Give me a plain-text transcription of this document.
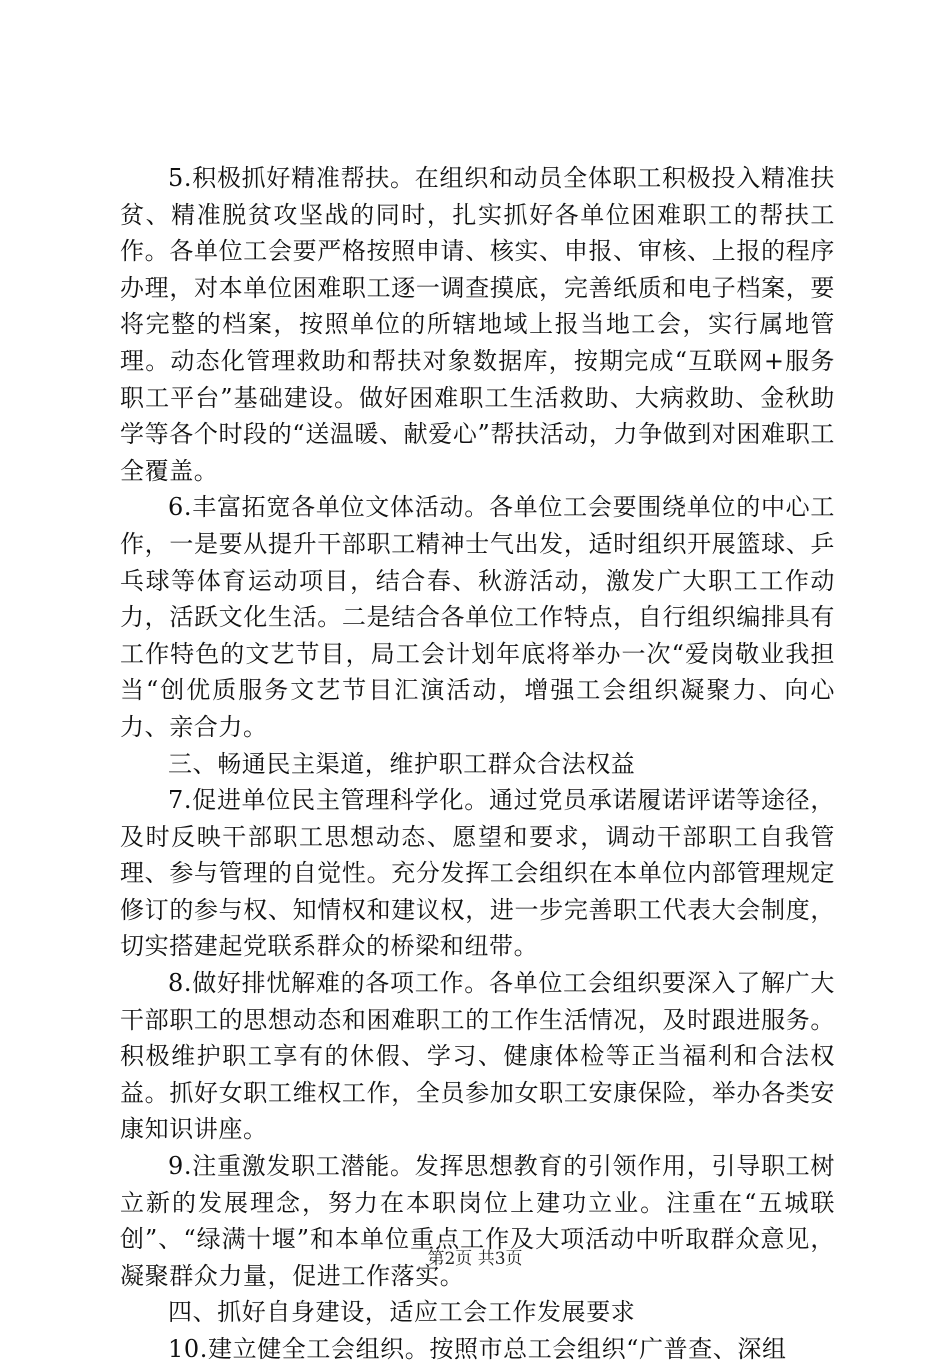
5.积极抓好精准帮扶。在组织和动员全体职工积极投入精准扶贫、精准脱贫攻坚战的同时，扎实抓好各单位困难职工的帮扶工作。各单位工会要严格按照申请、核实、申报、审核、上报的程序办理，对本单位困难职工逐一调查摸底，完善纸质和电子档案，要将完整的档案，按照单位的所辖地域上报当地工会，实行属地管理。动态化管理救助和帮扶对象数据库，按期完成“互联网+服务职工平台”基础建设。做好困难职工生活救助、大病救助、金秋助学等各个时段的“送温暖、献爱心”帮扶活动，力争做到对困难职工全覆盖。

6.丰富拓宽各单位文体活动。各单位工会要围绕单位的中心工作，一是要从提升干部职工精神士气出发，适时组织开展篮球、乒乓球等体育运动项目，结合春、秋游活动，激发广大职工工作动力，活跃文化生活。二是结合各单位工作特点，自行组织编排具有工作特色的文艺节目，局工会计划年底将举办一次“爱岗敬业我担当“创优质服务文艺节目汇演活动，增强工会组织凝聚力、向心力、亲合力。

三、畅通民主渠道，维护职工群众合法权益

7.促进单位民主管理科学化。通过党员承诺履诺评诺等途径，及时反映干部职工思想动态、愿望和要求，调动干部职工自我管理、参与管理的自觉性。充分发挥工会组织在本单位内部管理规定修订的参与权、知情权和建议权，进一步完善职工代表大会制度，切实搭建起党联系群众的桥梁和纽带。

8.做好排忧解难的各项工作。各单位工会组织要深入了解广大干部职工的思想动态和困难职工的工作生活情况，及时跟进服务。积极维护职工享有的休假、学习、健康体检等正当福利和合法权益。抓好女职工维权工作，全员参加女职工安康保险，举办各类安康知识讲座。

9.注重激发职工潜能。发挥思想教育的引领作用，引导职工树立新的发展理念，努力在本职岗位上建功立业。注重在“五城联创”、“绿满十堰”和本单位重点工作及大项活动中听取群众意见，凝聚群众力量，促进工作落实。

四、抓好自身建设，适应工会工作发展要求

10.建立健全工会组织。按照市总工会组织“广普查、深组

第2页 共3页
